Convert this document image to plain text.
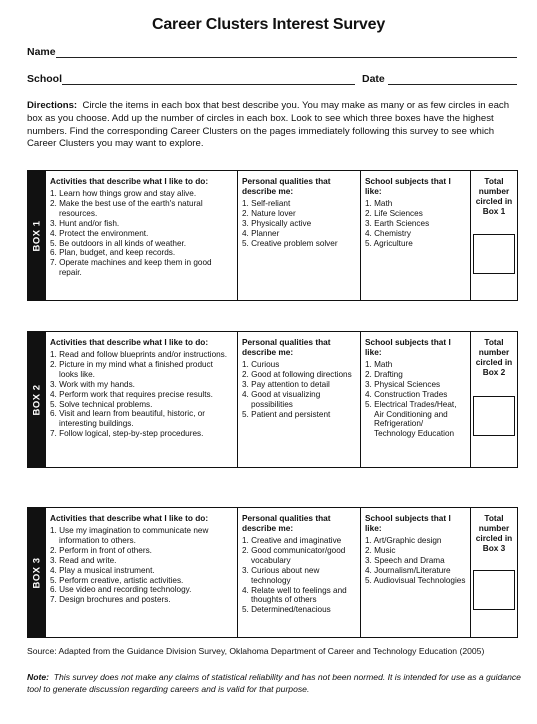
Career Clusters Interest Survey
Name
School	Date
Directions: Circle the items in each box that best describe you. You may make as many or as few circles in each box as you choose. Add up the number of circles in each box. Look to see which three boxes have the highest numbers. Find the corresponding Career Clusters on the pages immediately following this survey to see which Career Clusters you may want to explore.
BOX 1
Activities that describe what I like to do:
1. Learn how things grow and stay alive.
2. Make the best use of the earth's natural resources.
3. Hunt and/or fish.
4. Protect the environment.
5. Be outdoors in all kinds of weather.
6. Plan, budget, and keep records.
7. Operate machines and keep them in good repair.
Personal qualities that describe me:
1. Self-reliant
2. Nature lover
3. Physically active
4. Planner
5. Creative problem solver
School subjects that I like:
1. Math
2. Life Sciences
3. Earth Sciences
4. Chemistry
5. Agriculture
Total number circled in Box 1
BOX 2
Activities that describe what I like to do:
1. Read and follow blueprints and/or instructions.
2. Picture in my mind what a finished product looks like.
3. Work with my hands.
4. Perform work that requires precise results.
5. Solve technical problems.
6. Visit and learn from beautiful, historic, or interesting buildings.
7. Follow logical, step-by-step procedures.
Personal qualities that describe me:
1. Curious
2. Good at following directions
3. Pay attention to detail
4. Good at visualizing possibilities
5. Patient and persistent
School subjects that I like:
1. Math
2. Drafting
3. Physical Sciences
4. Construction Trades
5. Electrical Trades/Heat, Air Conditioning and Refrigeration/ Technology Education
Total number circled in Box 2
BOX 3
Activities that describe what I like to do:
1. Use my imagination to communicate new information to others.
2. Perform in front of others.
3. Read and write.
4. Play a musical instrument.
5. Perform creative, artistic activities.
6. Use video and recording technology.
7. Design brochures and posters.
Personal qualities that describe me:
1. Creative and imaginative
2. Good communicator/good vocabulary
3. Curious about new technology
4. Relate well to feelings and thoughts of others
5. Determined/tenacious
School subjects that I like:
1. Art/Graphic design
2. Music
3. Speech and Drama
4. Journalism/Literature
5. Audiovisual Technologies
Total number circled in Box 3
Source: Adapted from the Guidance Division Survey, Oklahoma Department of Career and Technology Education (2005)
Note: This survey does not make any claims of statistical reliability and has not been normed. It is intended for use as a guidance tool to generate discussion regarding careers and is valid for that purpose.
